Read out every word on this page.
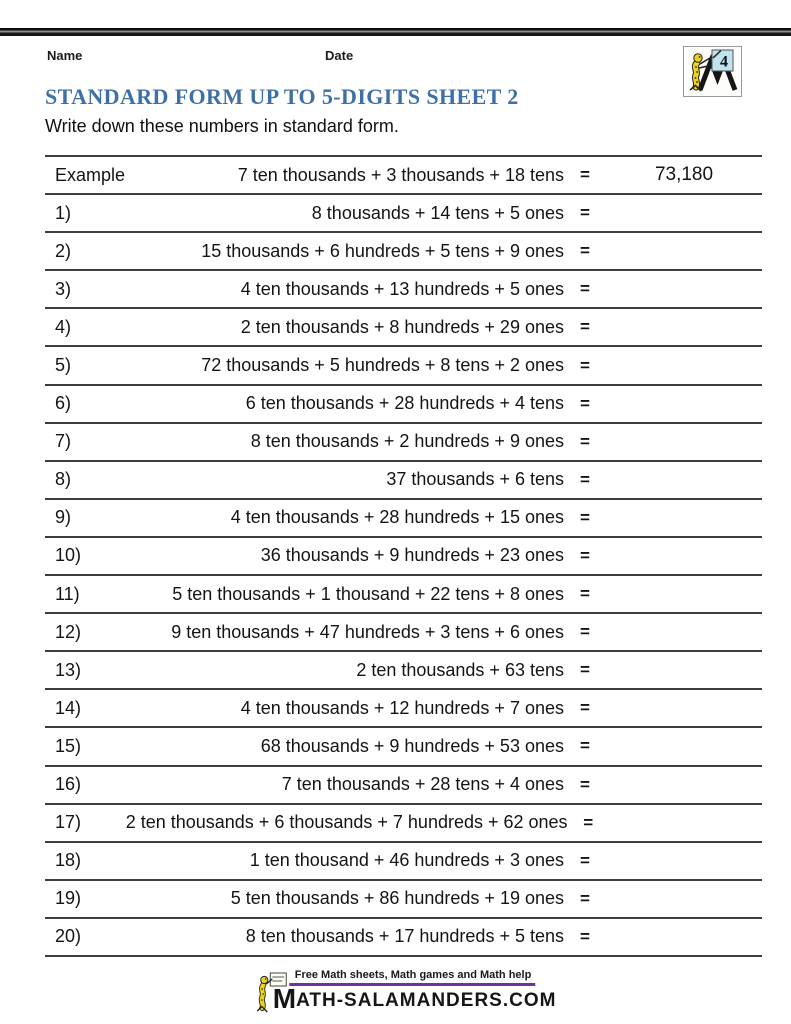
Name	Date	4
STANDARD FORM UP TO 5-DIGITS SHEET 2
Write down these numbers in standard form.
Example	7 ten thousands + 3 thousands + 18 tens =	73,180
1)	8 thousands + 14 tens + 5 ones =
2)	15 thousands + 6 hundreds + 5 tens + 9 ones =
3)	4 ten thousands + 13 hundreds + 5 ones =
4)	2 ten thousands + 8 hundreds + 29 ones =
5)	72 thousands + 5 hundreds + 8 tens + 2 ones =
6)	6 ten thousands + 28 hundreds + 4 tens =
7)	8 ten thousands + 2 hundreds + 9 ones =
8)	37 thousands + 6 tens =
9)	4 ten thousands + 28 hundreds + 15 ones =
10)	36 thousands + 9 hundreds + 23 ones =
11)	5 ten thousands + 1 thousand + 22 tens + 8 ones =
12)	9 ten thousands + 47 hundreds + 3 tens + 6 ones =
13)	2 ten thousands + 63 tens =
14)	4 ten thousands + 12 hundreds + 7 ones =
15)	68 thousands + 9 hundreds + 53 ones =
16)	7 ten thousands + 28 tens + 4 ones =
17)	2 ten thousands + 6 thousands + 7 hundreds + 62 ones =
18)	1 ten thousand + 46 hundreds + 3 ones =
19)	5 ten thousands + 86 hundreds + 19 ones =
20)	8 ten thousands + 17 hundreds + 5 tens =
Free Math sheets, Math games and Math help
MATH-SALAMANDERS.COM
